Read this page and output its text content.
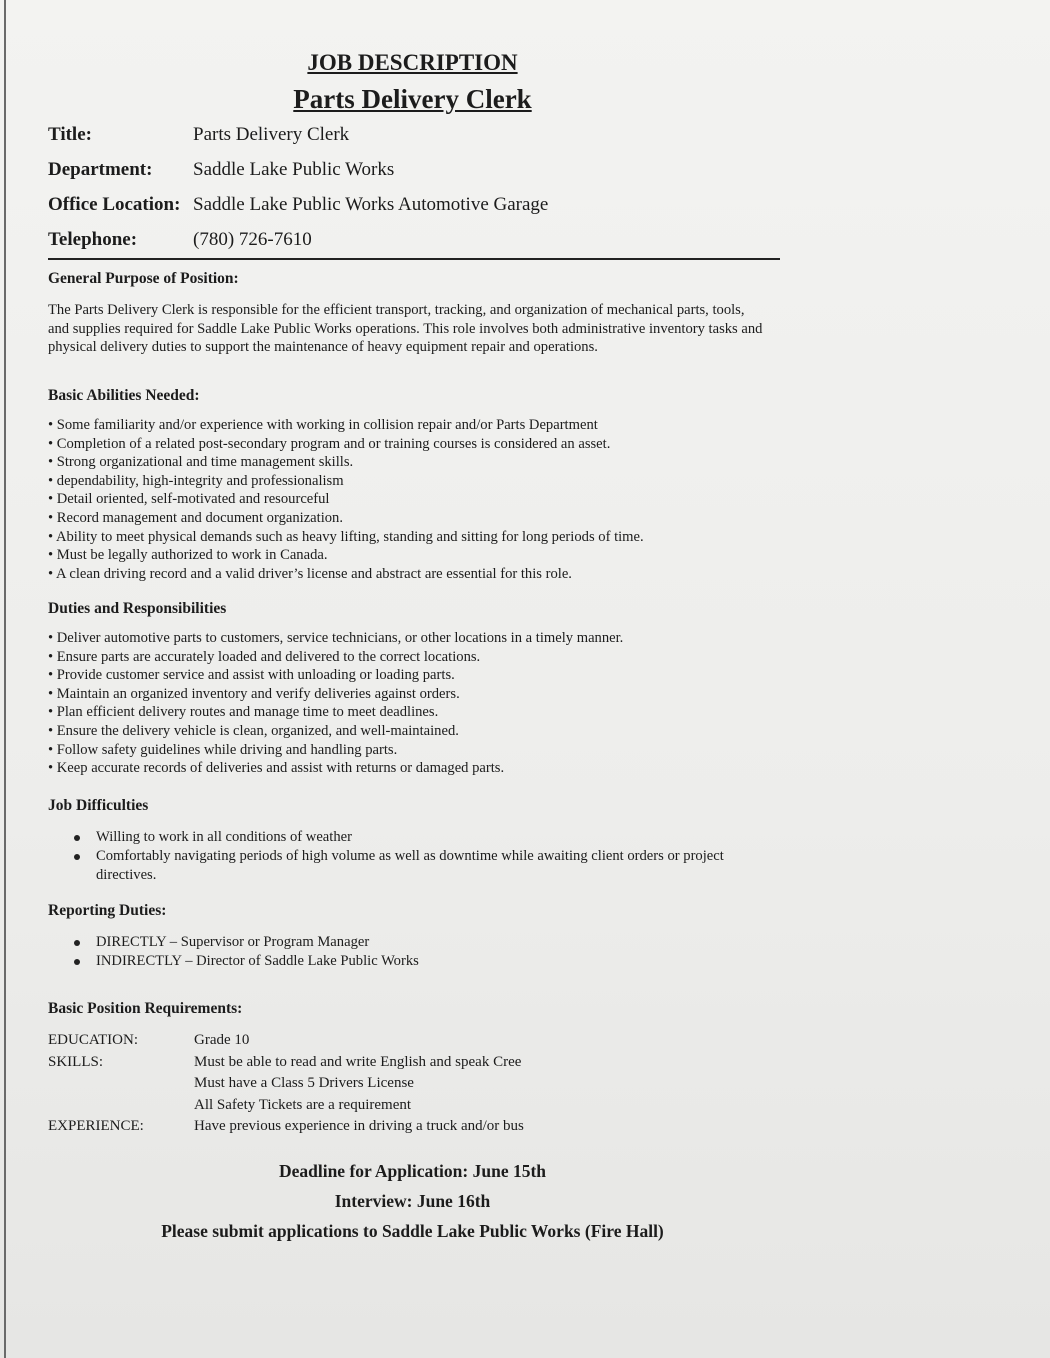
JOB DESCRIPTION
Parts Delivery Clerk
Title:	Parts Delivery Clerk
Department:	Saddle Lake Public Works
Office Location: Saddle Lake Public Works Automotive Garage
Telephone:	(780) 726-7610
General Purpose of Position:

The Parts Delivery Clerk is responsible for the efficient transport, tracking, and organization of mechanical parts, tools, and supplies required for Saddle Lake Public Works operations. This role involves both administrative inventory tasks and physical delivery duties to support the maintenance of heavy equipment repair and operations.

Basic Abilities Needed:
• Some familiarity and/or experience with working in collision repair and/or Parts Department
• Completion of a related post-secondary program and or training courses is considered an asset.
• Strong organizational and time management skills.
• dependability, high-integrity and professionalism
• Detail oriented, self-motivated and resourceful
• Record management and document organization.
• Ability to meet physical demands such as heavy lifting, standing and sitting for long periods of time.
• Must be legally authorized to work in Canada.
• A clean driving record and a valid driver’s license and abstract are essential for this role.
Duties and Responsibilities
• Deliver automotive parts to customers, service technicians, or other locations in a timely manner.
• Ensure parts are accurately loaded and delivered to the correct locations.
• Provide customer service and assist with unloading or loading parts.
• Maintain an organized inventory and verify deliveries against orders.
• Plan efficient delivery routes and manage time to meet deadlines.
• Ensure the delivery vehicle is clean, organized, and well-maintained.
• Follow safety guidelines while driving and handling parts.
• Keep accurate records of deliveries and assist with returns or damaged parts.
Job Difficulties
Willing to work in all conditions of weather
Comfortably navigating periods of high volume as well as downtime while awaiting client orders or project directives.
Reporting Duties:
DIRECTLY – Supervisor or Program Manager
INDIRECTLY – Director of Saddle Lake Public Works
Basic Position Requirements:
EDUCATION:	Grade 10
SKILLS:	Must be able to read and write English and speak Cree
Must have a Class 5 Drivers License
All Safety Tickets are a requirement
EXPERIENCE:	Have previous experience in driving a truck and/or bus

Deadline for Application: June 15th

Interview: June 16th

Please submit applications to Saddle Lake Public Works (Fire Hall)
